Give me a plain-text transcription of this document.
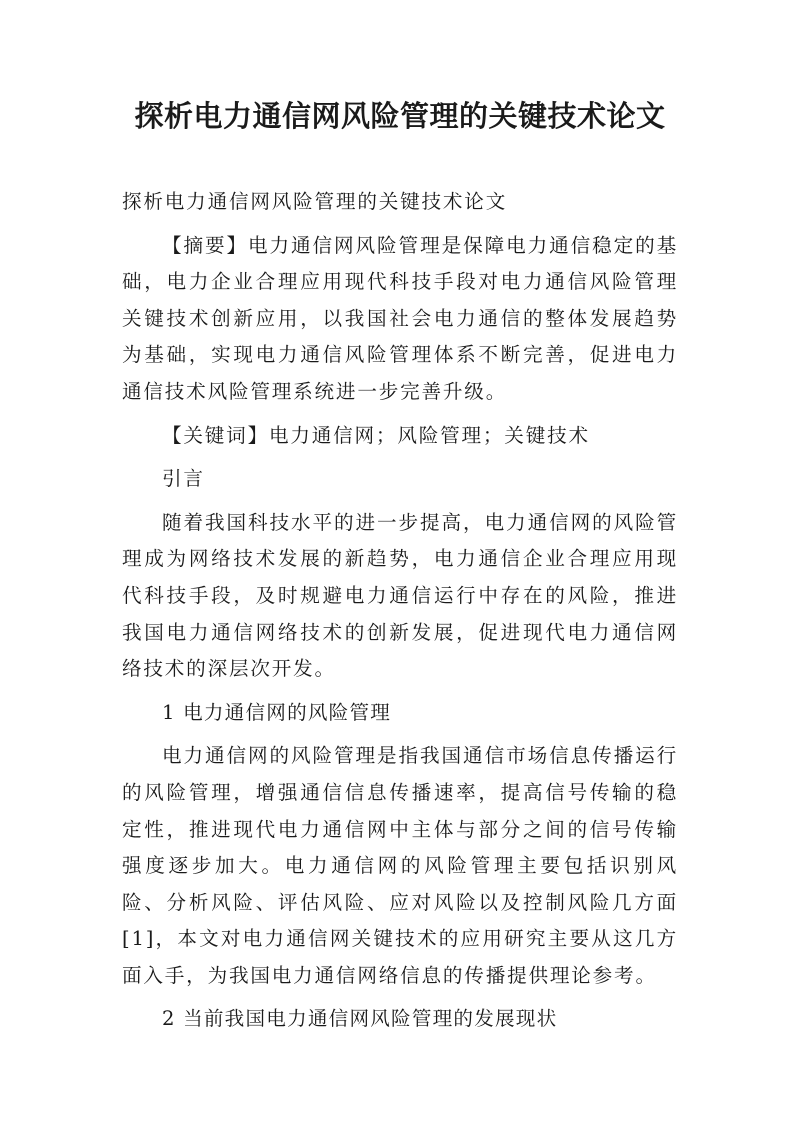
探析电力通信网风险管理的关键技术论文

探析电力通信网风险管理的关键技术论文

【摘要】电力通信网风险管理是保障电力通信稳定的基础，电力企业合理应用现代科技手段对电力通信风险管理关键技术创新应用，以我国社会电力通信的整体发展趋势为基础，实现电力通信风险管理体系不断完善，促进电力通信技术风险管理系统进一步完善升级。

【关键词】电力通信网；风险管理；关键技术

引言

随着我国科技水平的进一步提高，电力通信网的风险管理成为网络技术发展的新趋势，电力通信企业合理应用现代科技手段，及时规避电力通信运行中存在的风险，推进我国电力通信网络技术的创新发展，促进现代电力通信网络技术的深层次开发。

1 电力通信网的风险管理

电力通信网的风险管理是指我国通信市场信息传播运行的风险管理，增强通信信息传播速率，提高信号传输的稳定性，推进现代电力通信网中主体与部分之间的信号传输强度逐步加大。电力通信网的风险管理主要包括识别风险、分析风险、评估风险、应对风险以及控制风险几方面[1]，本文对电力通信网关键技术的应用研究主要从这几方面入手，为我国电力通信网络信息的传播提供理论参考。

2 当前我国电力通信网风险管理的发展现状
